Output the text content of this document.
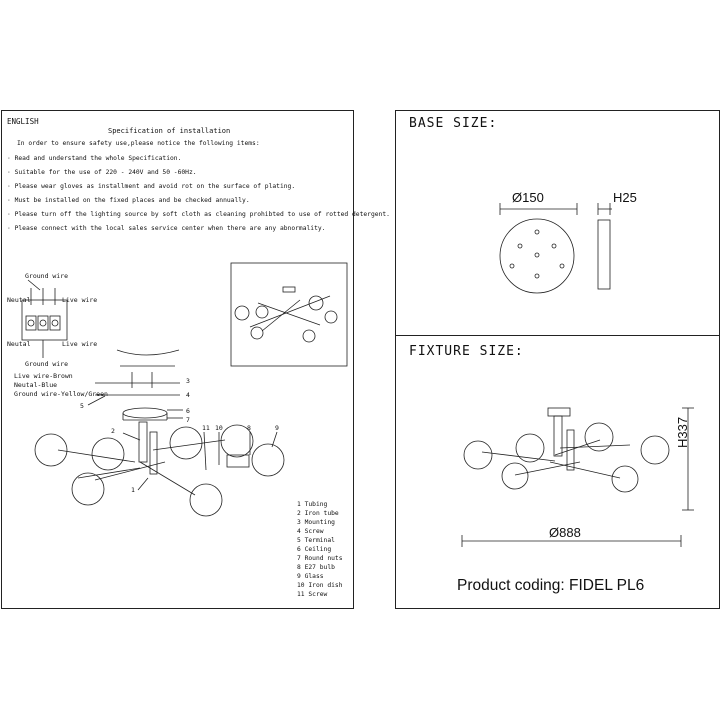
ENGLISH
Specification of installation
In order to ensure safety use,please notice the following items:
· Read and understand the whole Specification.
· Suitable for the use of 220 - 240V and 50 -60Hz.
· Please wear gloves as installment and avoid rot on the surface of plating.
· Must be installed on the fixed places and be checked annually.
· Please turn off the lighting source by soft cloth as cleaning prohibted to use of rotted detergent.
· Please connect with the local sales service center when there are any abnormality.
Ground wire
Neutal	Live wire
Neutal	Live wire
Ground wire
Live wire-Brown
Neutal-Blue
Ground wire-Yellow/Green
3
4
5
6
7
2	11 10	8	9
1
1 Tubing
2 Iron tube
3 Mounting
4 Screw
5 Terminal
6 Ceiling
7 Round nuts
8 E27 bulb
9 Glass
10 Iron dish
11 Screw
BASE SIZE:
Ø150	H25
FIXTURE SIZE:
H337
Ø888
Product coding: FIDEL PL6
